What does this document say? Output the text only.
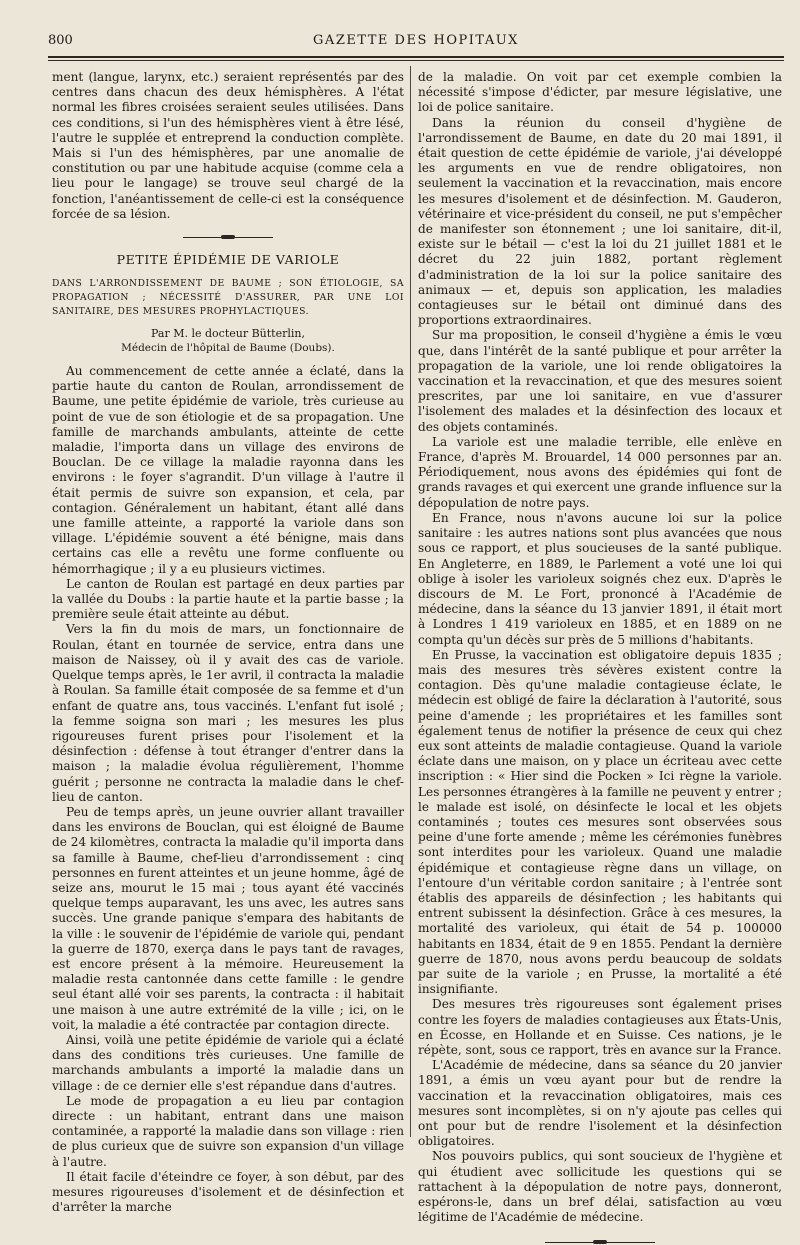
800	GAZETTE DES HOPITAUX

ment (langue, larynx, etc.) seraient représentés par des centres dans chacun des deux hémisphères. A l'état normal les fibres croisées seraient seules utilisées. Dans ces conditions, si l'un des hémisphères vient à être lésé, l'autre le supplée et entreprend la conduction complète. Mais si l'un des hémisphères, par une anomalie de constitution ou par une habitude acquise (comme cela a lieu pour le langage) se trouve seul chargé de la fonction, l'anéantissement de celle-ci est la conséquence forcée de sa lésion.

PETITE ÉPIDÉMIE DE VARIOLE
DANS L'ARRONDISSEMENT DE BAUME ; SON ÉTIOLOGIE, SA PROPAGATION ; NÉCESSITÉ D'ASSURER, PAR UNE LOI SANITAIRE, DES MESURES PROPHYLACTIQUES.
Par M. le docteur Bütterlin,
Médecin de l'hôpital de Baume (Doubs).

Au commencement de cette année a éclaté, dans la partie haute du canton de Roulan, arrondissement de Baume, une petite épidémie de variole, très curieuse au point de vue de son étiologie et de sa propagation. Une famille de marchands ambulants, atteinte de cette maladie, l'importa dans un village des environs de Bouclan. De ce village la maladie rayonna dans les environs : le foyer s'agrandit. D'un village à l'autre il était permis de suivre son expansion, et cela, par contagion. Généralement un habitant, étant allé dans une famille atteinte, a rapporté la variole dans son village. L'épidémie souvent a été bénigne, mais dans certains cas elle a revêtu une forme confluente ou hémorrhagique ; il y a eu plusieurs victimes.

Le canton de Roulan est partagé en deux parties par la vallée du Doubs : la partie haute et la partie basse ; la première seule était atteinte au début.

Vers la fin du mois de mars, un fonctionnaire de Roulan, étant en tournée de service, entra dans une maison de Naissey, où il y avait des cas de variole. Quelque temps après, le 1er avril, il contracta la maladie à Roulan. Sa famille était composée de sa femme et d'un enfant de quatre ans, tous vaccinés. L'enfant fut isolé ; la femme soigna son mari ; les mesures les plus rigoureuses furent prises pour l'isolement et la désinfection : défense à tout étranger d'entrer dans la maison ; la maladie évolua régulièrement, l'homme guérit ; personne ne contracta la maladie dans le chef-lieu de canton.

Peu de temps après, un jeune ouvrier allant travailler dans les environs de Bouclan, qui est éloigné de Baume de 24 kilomètres, contracta la maladie qu'il importa dans sa famille à Baume, chef-lieu d'arrondissement : cinq personnes en furent atteintes et un jeune homme, âgé de seize ans, mourut le 15 mai ; tous ayant été vaccinés quelque temps auparavant, les uns avec, les autres sans succès. Une grande panique s'empara des habitants de la ville : le souvenir de l'épidémie de variole qui, pendant la guerre de 1870, exerça dans le pays tant de ravages, est encore présent à la mémoire. Heureusement la maladie resta cantonnée dans cette famille : le gendre seul étant allé voir ses parents, la contracta : il habitait une maison à une autre extrémité de la ville ; ici, on le voit, la maladie a été contractée par contagion directe.

Ainsi, voilà une petite épidémie de variole qui a éclaté dans des conditions très curieuses. Une famille de marchands ambulants a importé la maladie dans un village : de ce dernier elle s'est répandue dans d'autres.

Le mode de propagation a eu lieu par contagion directe : un habitant, entrant dans une maison contaminée, a rapporté la maladie dans son village : rien de plus curieux que de suivre son expansion d'un village à l'autre.

Il était facile d'éteindre ce foyer, à son début, par des mesures rigoureuses d'isolement et de désinfection et d'arrêter la marche

de la maladie. On voit par cet exemple combien la nécessité s'impose d'édicter, par mesure législative, une loi de police sanitaire.

Dans la réunion du conseil d'hygiène de l'arrondissement de Baume, en date du 20 mai 1891, il était question de cette épidémie de variole, j'ai développé les arguments en vue de rendre obligatoires, non seulement la vaccination et la revaccination, mais encore les mesures d'isolement et de désinfection. M. Gauderon, vétérinaire et vice-président du conseil, ne put s'empêcher de manifester son étonnement ; une loi sanitaire, dit-il, existe sur le bétail — c'est la loi du 21 juillet 1881 et le décret du 22 juin 1882, portant règlement d'administration de la loi sur la police sanitaire des animaux — et, depuis son application, les maladies contagieuses sur le bétail ont diminué dans des proportions extraordinaires.

Sur ma proposition, le conseil d'hygiène a émis le vœu que, dans l'intérêt de la santé publique et pour arrêter la propagation de la variole, une loi rende obligatoires la vaccination et la revaccination, et que des mesures soient prescrites, par une loi sanitaire, en vue d'assurer l'isolement des malades et la désinfection des locaux et des objets contaminés.

La variole est une maladie terrible, elle enlève en France, d'après M. Brouardel, 14 000 personnes par an. Périodiquement, nous avons des épidémies qui font de grands ravages et qui exercent une grande influence sur la dépopulation de notre pays.

En France, nous n'avons aucune loi sur la police sanitaire : les autres nations sont plus avancées que nous sous ce rapport, et plus soucieuses de la santé publique. En Angleterre, en 1889, le Parlement a voté une loi qui oblige à isoler les varioleux soignés chez eux. D'après le discours de M. Le Fort, prononcé à l'Académie de médecine, dans la séance du 13 janvier 1891, il était mort à Londres 1 419 varioleux en 1885, et en 1889 on ne compta qu'un décès sur près de 5 millions d'habitants.

En Prusse, la vaccination est obligatoire depuis 1835 ; mais des mesures très sévères existent contre la contagion. Dès qu'une maladie contagieuse éclate, le médecin est obligé de faire la déclaration à l'autorité, sous peine d'amende ; les propriétaires et les familles sont également tenus de notifier la présence de ceux qui chez eux sont atteints de maladie contagieuse. Quand la variole éclate dans une maison, on y place un écriteau avec cette inscription : « Hier sind die Pocken » Ici règne la variole. Les personnes étrangères à la famille ne peuvent y entrer ; le malade est isolé, on désinfecte le local et les objets contaminés ; toutes ces mesures sont observées sous peine d'une forte amende ; même les cérémonies funèbres sont interdites pour les varioleux. Quand une maladie épidémique et contagieuse règne dans un village, on l'entoure d'un véritable cordon sanitaire ; à l'entrée sont établis des appareils de désinfection ; les habitants qui entrent subissent la désinfection. Grâce à ces mesures, la mortalité des varioleux, qui était de 54 p. 100000 habitants en 1834, était de 9 en 1855. Pendant la dernière guerre de 1870, nous avons perdu beaucoup de soldats par suite de la variole ; en Prusse, la mortalité a été insignifiante.

Des mesures très rigoureuses sont également prises contre les foyers de maladies contagieuses aux États-Unis, en Écosse, en Hollande et en Suisse. Ces nations, je le répète, sont, sous ce rapport, très en avance sur la France.

L'Académie de médecine, dans sa séance du 20 janvier 1891, a émis un vœu ayant pour but de rendre la vaccination et la revaccination obligatoires, mais ces mesures sont incomplètes, si on n'y ajoute pas celles qui ont pour but de rendre l'isolement et la désinfection obligatoires.

Nos pouvoirs publics, qui sont soucieux de l'hygiène et qui étudient avec sollicitude les questions qui se rattachent à la dépopulation de notre pays, donneront, espérons-le, dans un bref délai, satisfaction au vœu légitime de l'Académie de médecine.
